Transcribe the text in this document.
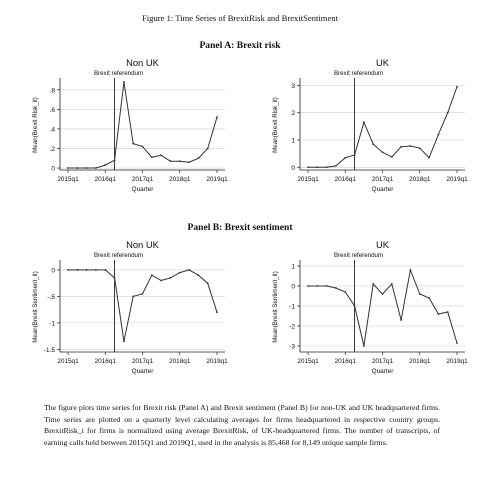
Figure 1: Time Series of BrexitRisk and BrexitSentiment
Panel A: Brexit risk
Panel B: Brexit sentiment
Non UK
0
.2
.4
.6
.8
2015q1 2016q1 2017q1 2018q1 2019q1
Quarter
Mean(Brexit Risk_it)
Brexit referendum
UK
0
1
2
3
2015q1 2016q1 2017q1 2018q1 2019q1
Quarter
Mean(Brexit Risk_it)
Brexit referendum
Non UK
0
-.5
-1
-1.5
2015q1 2016q1 2017q1 2018q1 2019q1
Quarter
Mean(Brexit Sentiment_it)
Brexit referendum
UK
1
0
-1
-2
-3
2015q1 2016q1 2017q1 2018q1 2019q1
Quarter
Mean(Brexit Sentiment_it)
Brexit referendum

The figure plots time series for Brexit risk (Panel A) and Brexit sentiment (Panel B) for non-UK and UK headquartered firms. Time series are plotted on a quarterly level calculating averages for firms headquartered in respective country groups. BrexitRisk_i for firms is normalized using average BrexitRisk, of UK-headquartered firms. The number of transcripts, of earning calls held between 2015Q1 and 2019Q1, used in the analysis is 85,468 for 8,149 unique sample firms.
